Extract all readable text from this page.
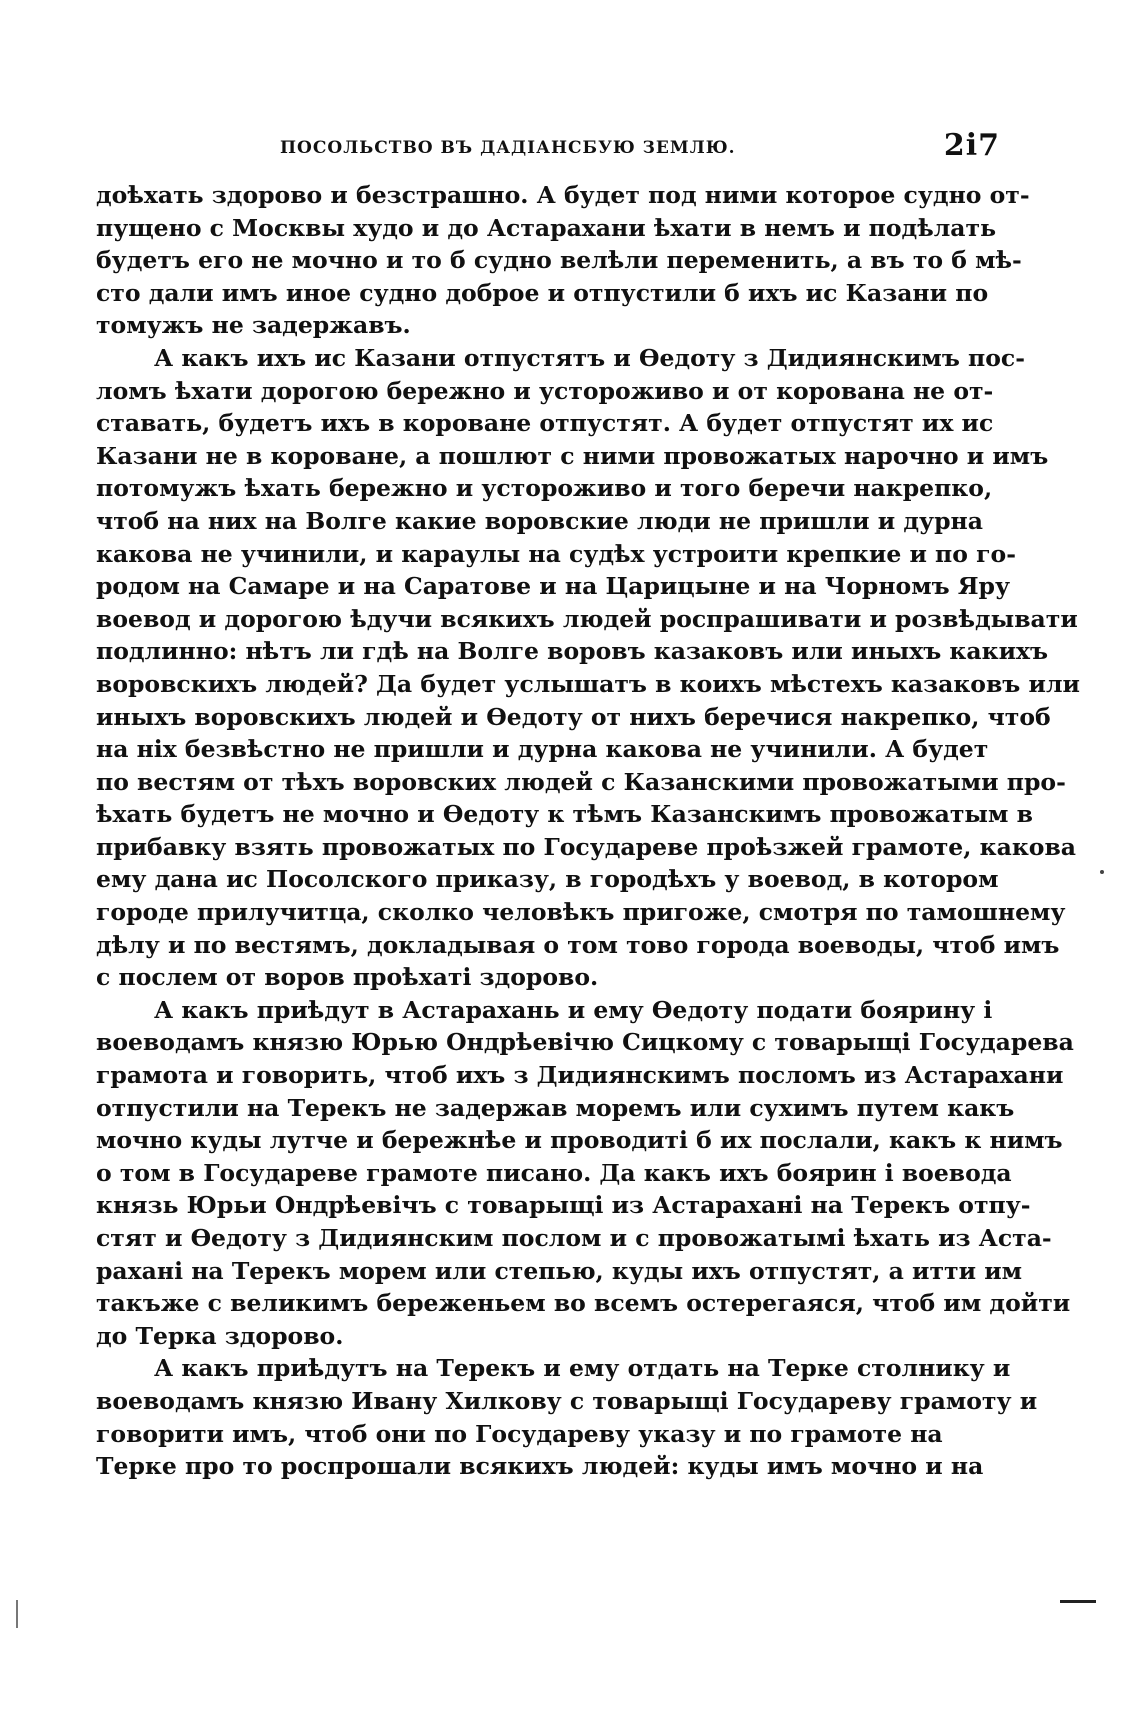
ПОСОЛЬСТВО ВЪ ДАДІАНСБУЮ ЗЕМЛЮ.	2ⅰ7
доѣхать здорово и безстрашно. А будет под ними которое судно от-
пущено с Москвы худо и до Астарахани ѣхати в немъ и подѣлать
будетъ его не мочно и то б судно велѣли переменить, а въ то б мѣ-
сто дали имъ иное судно доброе и отпустили б ихъ ис Казани по
томужъ не задержавъ.
А какъ ихъ ис Казани отпустятъ и Ѳедоту з Дидиянскимъ пос-
ломъ ѣхати дорогою бережно и устороживо и от корована не от-
ставать, будетъ ихъ в корованe отпустят. А будет отпустят их ис
Казани не в корованe, а пошлют с ними провожатых нарочно и имъ
потомужъ ѣхать бережно и устороживо и того беречи накрепко,
чтоб на них на Волге какие воровские люди не пришли и дурна
какова не учинили, и караулы на судѣх устроити крепкие и по го-
родом на Самаре и на Саратове и на Царицыне и на Чорномъ Яру
воевод и дорогою ѣдучи всякихъ людей роспрашивати и розвѣдывати
подлинно: нѣтъ ли гдѣ на Волге воровъ казаковъ или иныхъ какихъ
воровскихъ людей? Да будет услышатъ в коихъ мѣстехъ казаковъ или
иныхъ воровскихъ людей и Ѳедоту от нихъ беречися накрепко, чтоб
на ніх безвѣстно не пришли и дурна какова не учинили. А будет
по вестям от тѣхъ воровских людей с Казанскими провожатыми про-
ѣхать будетъ не мочно и Ѳедоту к тѣмъ Казанскимъ провожатым в
прибавку взять провожатых по Государеве проѣзжей грамоте, какова
ему дана ис Посолского приказу, в городѣхъ у воевод, в котором
городе прилучитца, сколко человѣкъ пригоже, смотря по тамошнему
дѣлу и по вестямъ, докладывая о том тово города воеводы, чтоб имъ
с послем от воров проѣхаті здорово.
А какъ приѣдут в Астарахань и ему Ѳедоту подати боярину і
воеводамъ князю Юрью Ондрѣевічю Сицкому с товарыщі Государева
грамота и говорить, чтоб ихъ з Дидиянскимъ посломъ из Астарахани
отпустили на Терекъ не задержав моремъ или сухимъ путем какъ
мочно куды лутче и бережнѣе и проводиті б их послали, какъ к нимъ
о том в Государеве грамоте писано. Да какъ ихъ боярин і воевода
князь Юрьи Ондрѣевічъ с товарыщі из Астарахані на Терекъ отпу-
стят и Ѳедоту з Дидиянским послом и с провожатымі ѣхать из Аста-
рахані на Терекъ морем или степью, куды ихъ отпустят, а итти им
такъже с великимъ береженьем во всемъ остерегаяся, чтоб им дойти
до Терка здорово.
А какъ приѣдутъ на Терекъ и ему отдать на Терке столнику и
воеводамъ князю Ивану Хилкову с товарыщі Государеву грамоту и
говорити имъ, чтоб они по Государеву указу и по грамоте на
Терке про то роспрошали всякихъ людей: куды имъ мочно и на
